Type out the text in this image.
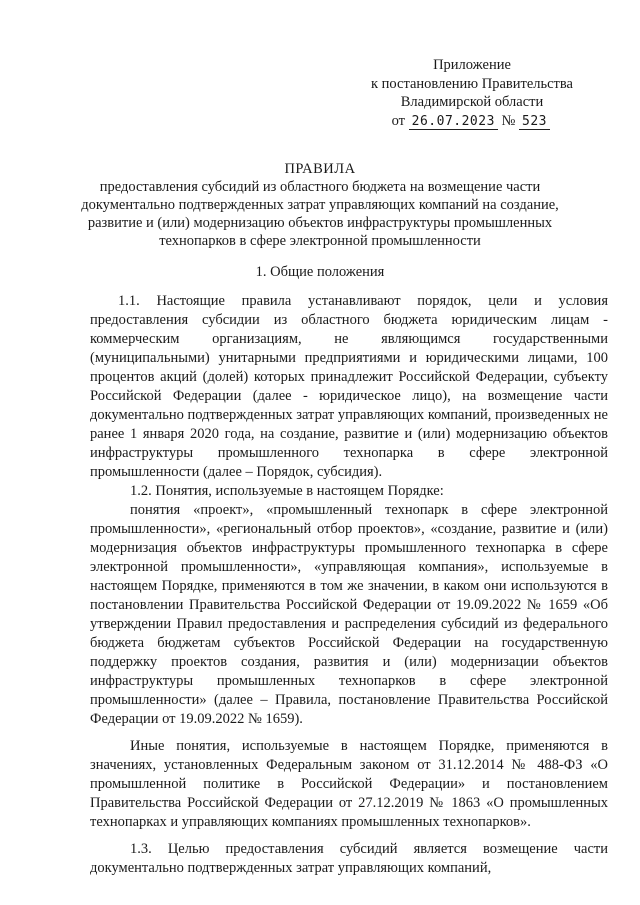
Приложение
к постановлению Правительства
Владимирской области
от 26.07.2023 № 523
ПРАВИЛА
предоставления субсидий из областного бюджета на возмещение части документально подтвержденных затрат управляющих компаний на создание, развитие и (или) модернизацию объектов инфраструктуры промышленных технопарков в сфере электронной промышленности
1. Общие положения

1.1. Настоящие правила устанавливают порядок, цели и условия предоставления субсидии из областного бюджета юридическим лицам - коммерческим организациям, не являющимся государственными (муниципальными) унитарными предприятиями и юридическими лицами, 100 процентов акций (долей) которых принадлежит Российской Федерации, субъекту Российской Федерации (далее - юридическое лицо), на возмещение части документально подтвержденных затрат управляющих компаний, произведенных не ранее 1 января 2020 года, на создание, развитие и (или) модернизацию объектов инфраструктуры промышленного технопарка в сфере электронной промышленности (далее – Порядок, субсидия).

1.2. Понятия, используемые в настоящем Порядке:

понятия «проект», «промышленный технопарк в сфере электронной промышленности», «региональный отбор проектов», «создание, развитие и (или) модернизация объектов инфраструктуры промышленного технопарка в сфере электронной промышленности», «управляющая компания», используемые в настоящем Порядке, применяются в том же значении, в каком они используются в постановлении Правительства Российской Федерации от 19.09.2022 № 1659 «Об утверждении Правил предоставления и распределения субсидий из федерального бюджета бюджетам субъектов Российской Федерации на государственную поддержку проектов создания, развития и (или) модернизации объектов инфраструктуры промышленных технопарков в сфере электронной промышленности» (далее – Правила, постановление Правительства Российской Федерации от 19.09.2022 № 1659).

Иные понятия, используемые в настоящем Порядке, применяются в значениях, установленных Федеральным законом от 31.12.2014 № 488-ФЗ «О промышленной политике в Российской Федерации» и постановлением Правительства Российской Федерации от 27.12.2019 № 1863 «О промышленных технопарках и управляющих компаниях промышленных технопарков».

1.3. Целью предоставления субсидий является возмещение части документально подтвержденных затрат управляющих компаний,
